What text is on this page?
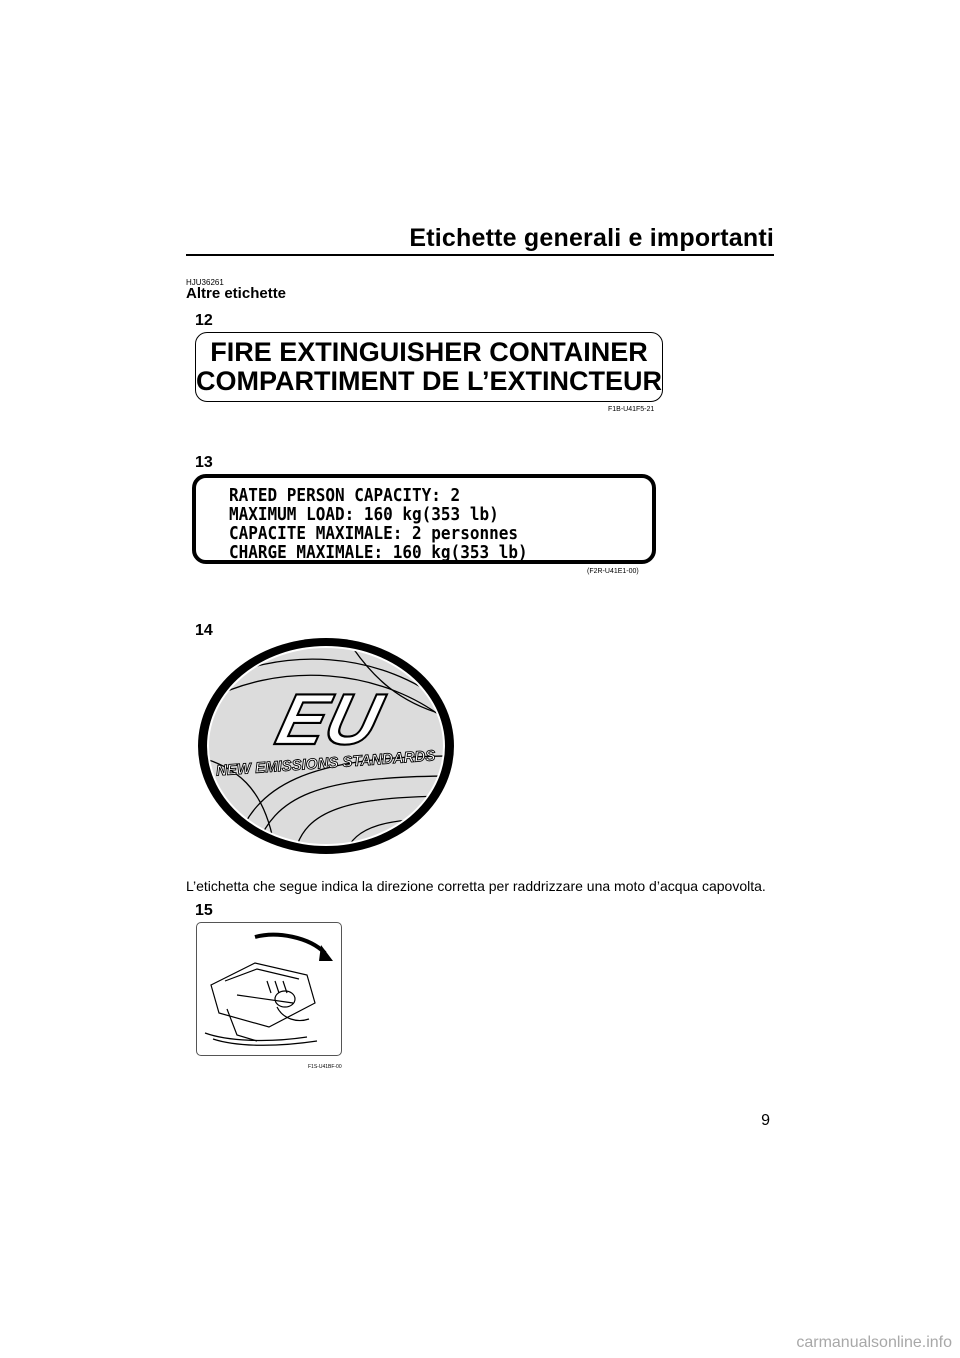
Etichette generali e importanti
HJU36261
Altre etichette
12
FIRE EXTINGUISHER CONTAINER
COMPARTIMENT DE L’EXTINCTEUR
F1B-U41F5-21
13
RATED PERSON CAPACITY: 2
MAXIMUM LOAD: 160 kg(353 lb)
CAPACITE MAXIMALE: 2 personnes
CHARGE MAXIMALE: 160 kg(353 lb)
(F2R-U41E1-00)
14
EU
NEW EMISSIONS STANDARDS
L’etichetta che segue indica la direzione corretta per raddrizzare una moto d’acqua capovolta.
15
F1S-U41BF-00
9
carmanualsonline.info
